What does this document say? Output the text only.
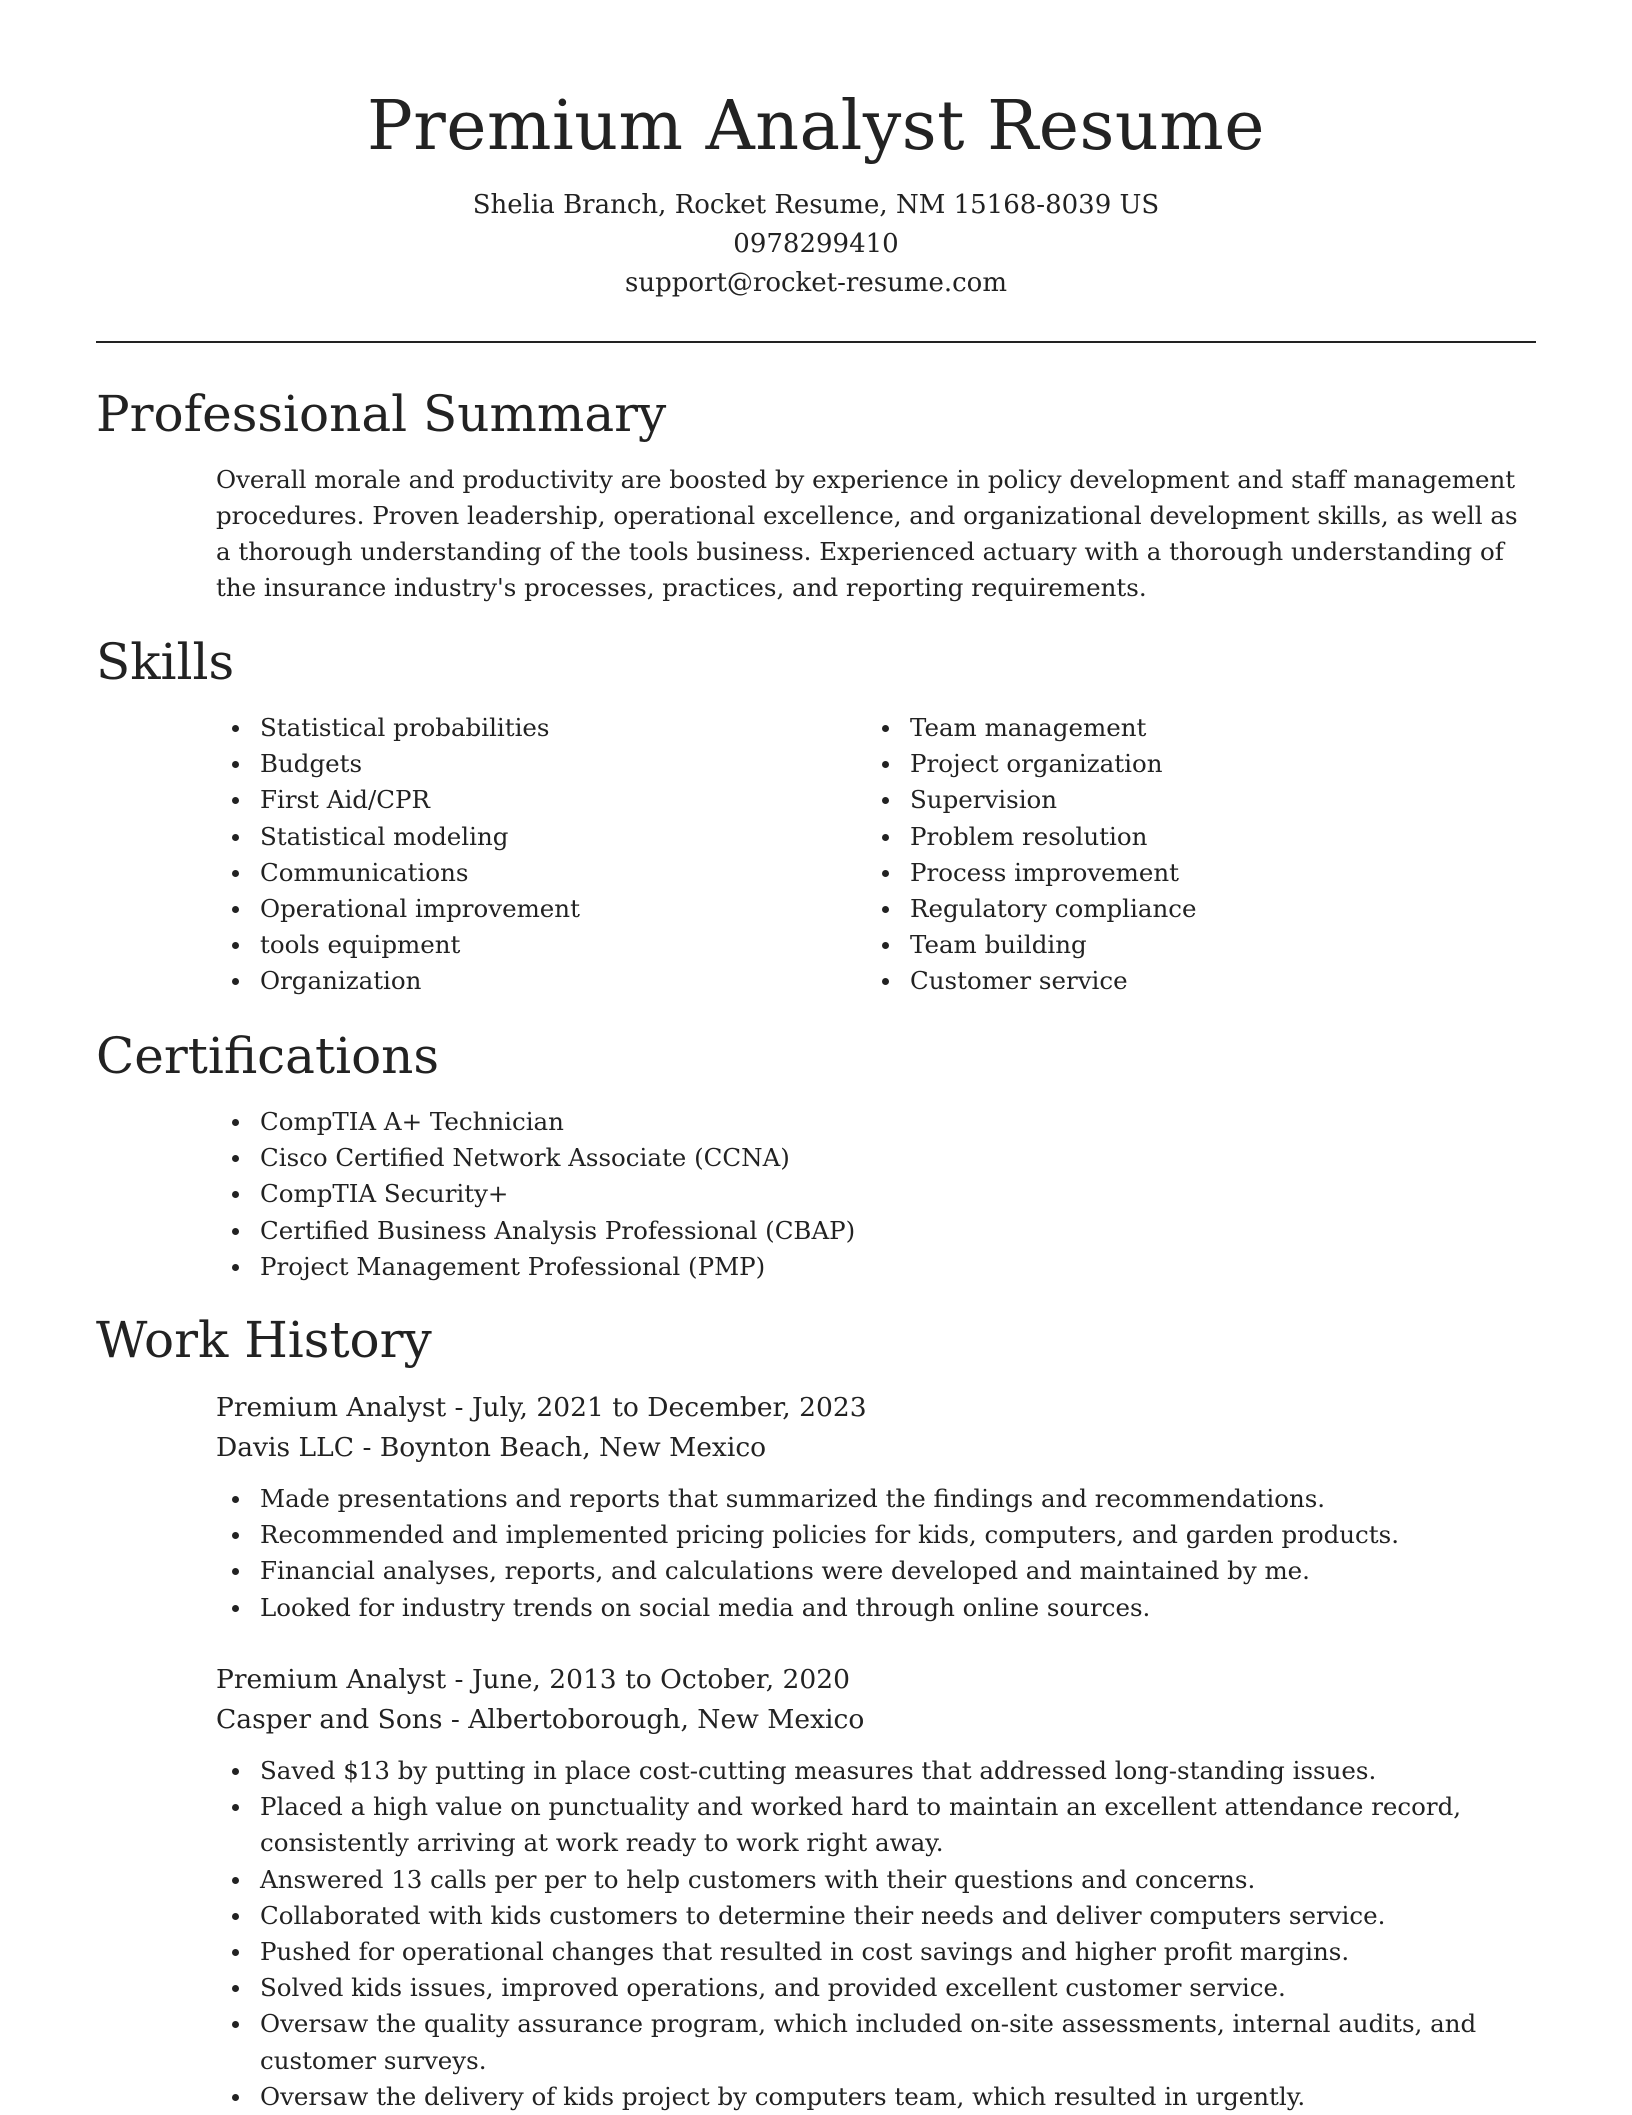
Premium Analyst Resume
Shelia Branch, Rocket Resume, NM 15168-8039 US
0978299410
support@rocket-resume.com
Professional Summary

Overall morale and productivity are boosted by experience in policy development and staff management procedures. Proven leadership, operational excellence, and organizational development skills, as well as a thorough understanding of the tools business. Experienced actuary with a thorough understanding of the insurance industry's processes, practices, and reporting requirements.

Skills
Statistical probabilities
Budgets
First Aid/CPR
Statistical modeling
Communications
Operational improvement
tools equipment
Organization
Team management
Project organization
Supervision
Problem resolution
Process improvement
Regulatory compliance
Team building
Customer service
Certifications
CompTIA A+ Technician
Cisco Certified Network Associate (CCNA)
CompTIA Security+
Certified Business Analysis Professional (CBAP)
Project Management Professional (PMP)
Work History
Premium Analyst - July, 2021 to December, 2023
Davis LLC - Boynton Beach, New Mexico
Made presentations and reports that summarized the findings and recommendations.
Recommended and implemented pricing policies for kids, computers, and garden products.
Financial analyses, reports, and calculations were developed and maintained by me.
Looked for industry trends on social media and through online sources.
Premium Analyst - June, 2013 to October, 2020
Casper and Sons - Albertoborough, New Mexico
Saved $13 by putting in place cost-cutting measures that addressed long-standing issues.
Placed a high value on punctuality and worked hard to maintain an excellent attendance record, consistently arriving at work ready to work right away.
Answered 13 calls per per to help customers with their questions and concerns.
Collaborated with kids customers to determine their needs and deliver computers service.
Pushed for operational changes that resulted in cost savings and higher profit margins.
Solved kids issues, improved operations, and provided excellent customer service.
Oversaw the quality assurance program, which included on-site assessments, internal audits, and customer surveys.
Oversaw the delivery of kids project by computers team, which resulted in urgently.
